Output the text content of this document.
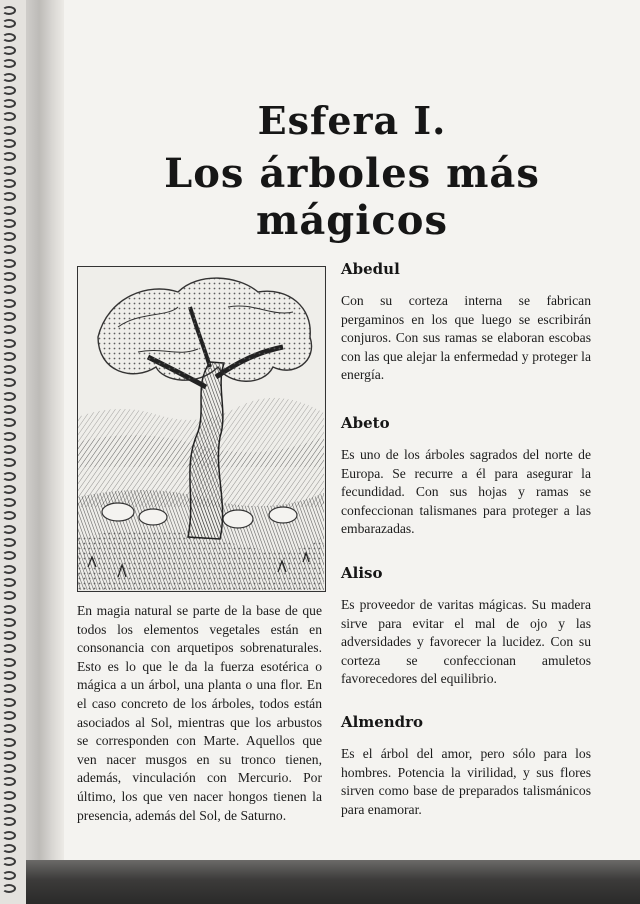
Esfera I.
Los árboles más mágicos

En magia natural se parte de la base de que todos los elementos vegetales están en consonancia con arquetipos sobrenaturales. Esto es lo que le da la fuerza esotérica o mágica a un árbol, una planta o una flor. En el caso concreto de los árboles, todos están asociados al Sol, mientras que los arbustos se corresponden con Marte. Aquellos que ven nacer musgos en su tronco tienen, además, vinculación con Mercurio. Por último, los que ven nacer hongos tienen la presencia, además del Sol, de Saturno.

Abedul

Con su corteza interna se fabrican pergaminos en los que luego se escribirán conjuros. Con sus ramas se elaboran escobas con las que alejar la enfermedad y proteger la energía.

Abeto

Es uno de los árboles sagrados del norte de Europa. Se recurre a él para asegurar la fecundidad. Con sus hojas y ramas se confeccionan talismanes para proteger a las embarazadas.

Aliso

Es proveedor de varitas mágicas. Su madera sirve para evitar el mal de ojo y las adversidades y favorecer la lucidez. Con su corteza se confeccionan amuletos favorecedores del equilibrio.

Almendro

Es el árbol del amor, pero sólo para los hombres. Potencia la virilidad, y sus flores sirven como base de preparados talismánicos para enamorar.
